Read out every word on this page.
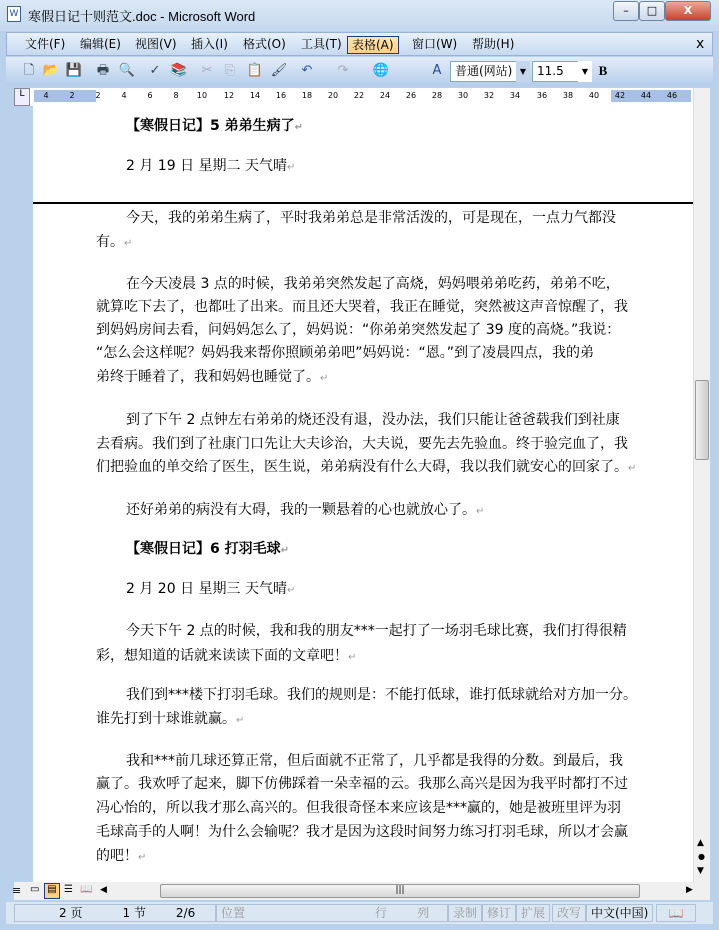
W 寒假日记十则范文.doc - Microsoft Word	–	□	X
文件(F)	编辑(E)	视图(V)	插入(I)	格式(O)	工具(T) 表格(A)	窗口(W)	帮助(H)	x
🗋 📂 💾 🖶 🔍 ✓ 📚 ✂ ⎘ 📋 🖌 ↶ ↷ 🌐	A	普通(网站) ▼ 11.5	▼ B
L	4	2	2	4	6	8	10 12 14 16 18 20 22 24 26 28 30 32 34 36 38 40 42 44 46
【寒假日记】5 弟弟生病了↵
2 月 19 日 星期二 天气晴↵
今天，我的弟弟生病了，平时我弟弟总是非常活泼的，可是现在，一点力气都没
有。↵
在今天凌晨 3 点的时候，我弟弟突然发起了高烧，妈妈喂弟弟吃药，弟弟不吃，
就算吃下去了，也都吐了出来。而且还大哭着，我正在睡觉，突然被这声音惊醒了，我
到妈妈房间去看，问妈妈怎么了，妈妈说：“你弟弟突然发起了 39 度的高烧。”我说：
“怎么会这样呢？妈妈我来帮你照顾弟弟吧”妈妈说：“恩。”到了凌晨四点，我的弟
弟终于睡着了，我和妈妈也睡觉了。↵
到了下午 2 点钟左右弟弟的烧还没有退，没办法，我们只能让爸爸载我们到社康
去看病。我们到了社康门口先让大夫诊治，大夫说，要先去先验血。终于验完血了，我
们把验血的单交给了医生，医生说，弟弟病没有什么大碍，我以我们就安心的回家了。↵
还好弟弟的病没有大碍，我的一颗悬着的心也就放心了。↵
【寒假日记】6 打羽毛球↵
2 月 20 日 星期三 天气晴↵
今天下午 2 点的时候，我和我的朋友***一起打了一场羽毛球比赛，我们打得很精
彩，想知道的话就来读读下面的文章吧！↵
我们到***楼下打羽毛球。我们的规则是：不能打低球，谁打低球就给对方加一分。
谁先打到十球谁就赢。↵
我和***前几球还算正常，但后面就不正常了，几乎都是我得的分数。到最后，我
赢了。我欢呼了起来，脚下仿佛踩着一朵幸福的云。我那么高兴是因为我平时都打不过
冯心怡的，所以我才那么高兴的。但我很奇怪本来应该是***赢的，她是被班里评为羽
毛球高手的人啊！为什么会输呢？我才是因为这段时间努力练习打羽毛球，所以才会赢
的吧！↵
▲
●
▼
≡ ▭ ▤ ☰ 📖 ◀	|||	▶
2 页	1 节	2/6	位置	行	列	录制 修订 扩展 改写 中文(中国)	📖
